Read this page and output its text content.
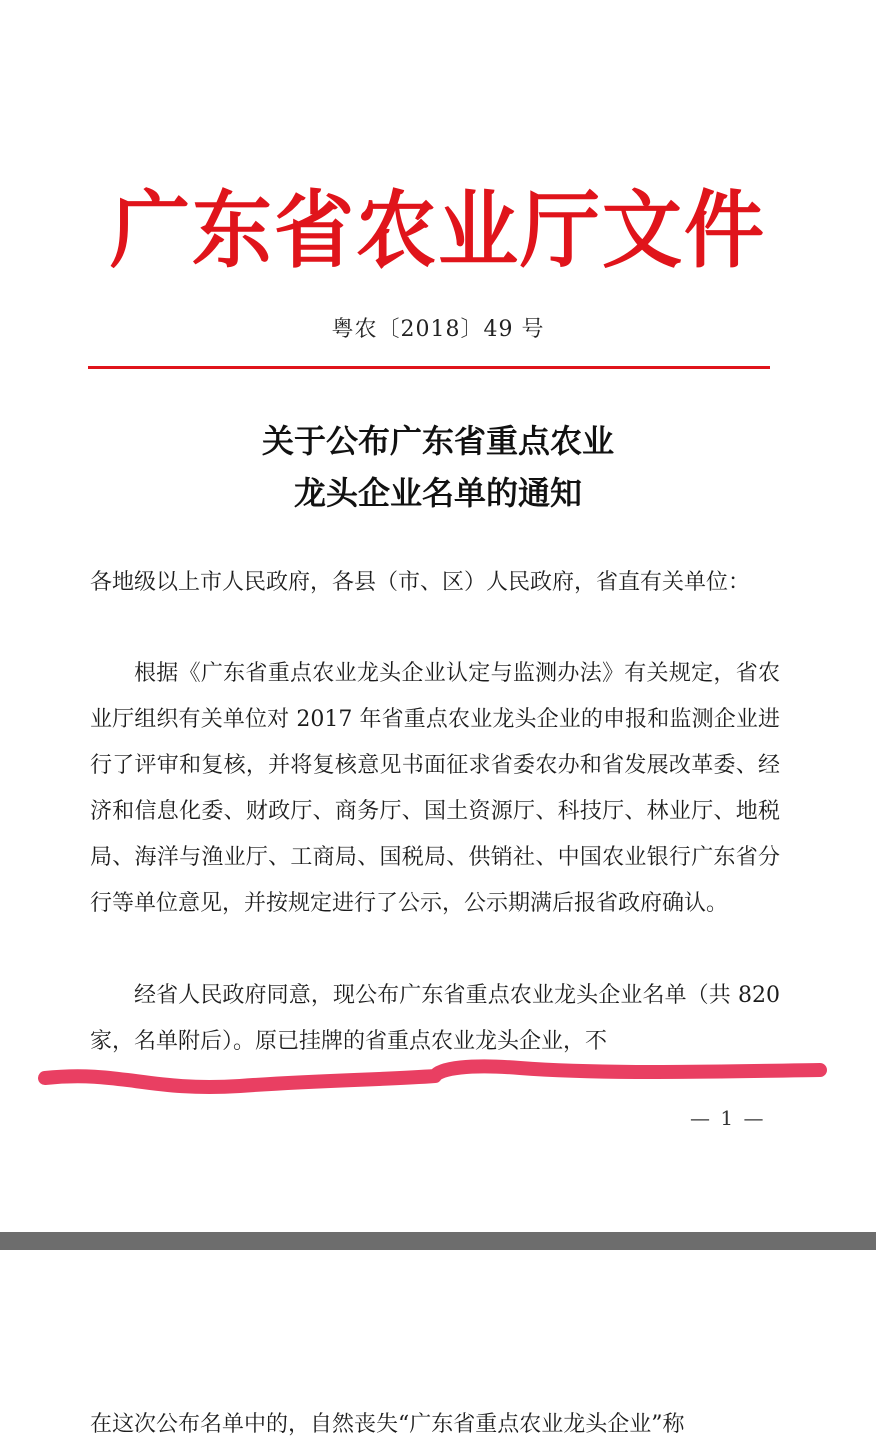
广东省农业厅文件
粤农〔2018〕49 号
关于公布广东省重点农业
龙头企业名单的通知
各地级以上市人民政府，各县（市、区）人民政府，省直有关单位：
根据《广东省重点农业龙头企业认定与监测办法》有关规定，省农业厅组织有关单位对 2017 年省重点农业龙头企业的申报和监测企业进行了评审和复核，并将复核意见书面征求省委农办和省发展改革委、经济和信息化委、财政厅、商务厅、国土资源厅、科技厅、林业厅、地税局、海洋与渔业厅、工商局、国税局、供销社、中国农业银行广东省分行等单位意见，并按规定进行了公示，公示期满后报省政府确认。
经省人民政府同意，现公布广东省重点农业龙头企业名单（共 820 家，名单附后）。原已挂牌的省重点农业龙头企业，不
— 1 —
在这次公布名单中的，自然丧失“广东省重点农业龙头企业”称
